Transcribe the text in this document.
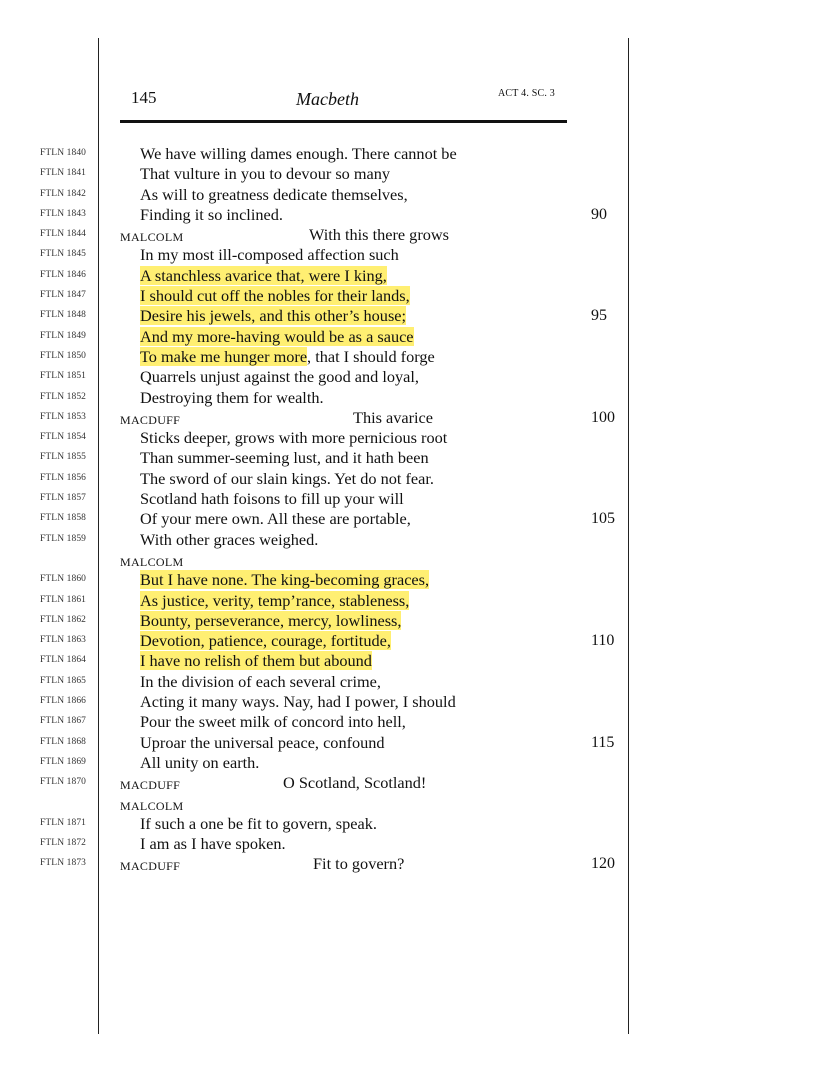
145	Macbeth	ACT 4. SC. 3
FTLN 1840	We have willing dames enough. There cannot be
FTLN 1841	That vulture in you to devour so many
FTLN 1842	As will to greatness dedicate themselves,
FTLN 1843	Finding it so inclined.	90
FTLN 1844	MALCOLM	With this there grows
FTLN 1845	In my most ill-composed affection such
FTLN 1846	A stanchless avarice that, were I king,
FTLN 1847	I should cut off the nobles for their lands,
FTLN 1848	Desire his jewels, and this other’s house;	95
FTLN 1849	And my more-having would be as a sauce
FTLN 1850	To make me hunger more, that I should forge
FTLN 1851	Quarrels unjust against the good and loyal,
FTLN 1852	Destroying them for wealth.
FTLN 1853	MACDUFF	This avarice	100
FTLN 1854	Sticks deeper, grows with more pernicious root
FTLN 1855	Than summer-seeming lust, and it hath been
FTLN 1856	The sword of our slain kings. Yet do not fear.
FTLN 1857	Scotland hath foisons to fill up your will
FTLN 1858	Of your mere own. All these are portable,	105
FTLN 1859	With other graces weighed.
MALCOLM
FTLN 1860	But I have none. The king-becoming graces,
FTLN 1861	As justice, verity, temp’rance, stableness,
FTLN 1862	Bounty, perseverance, mercy, lowliness,
FTLN 1863	Devotion, patience, courage, fortitude,	110
FTLN 1864	I have no relish of them but abound
FTLN 1865	In the division of each several crime,
FTLN 1866	Acting it many ways. Nay, had I power, I should
FTLN 1867	Pour the sweet milk of concord into hell,
FTLN 1868	Uproar the universal peace, confound	115
FTLN 1869	All unity on earth.
FTLN 1870	MACDUFF	O Scotland, Scotland!
MALCOLM
FTLN 1871	If such a one be fit to govern, speak.
FTLN 1872	I am as I have spoken.
FTLN 1873	MACDUFF	Fit to govern?	120
